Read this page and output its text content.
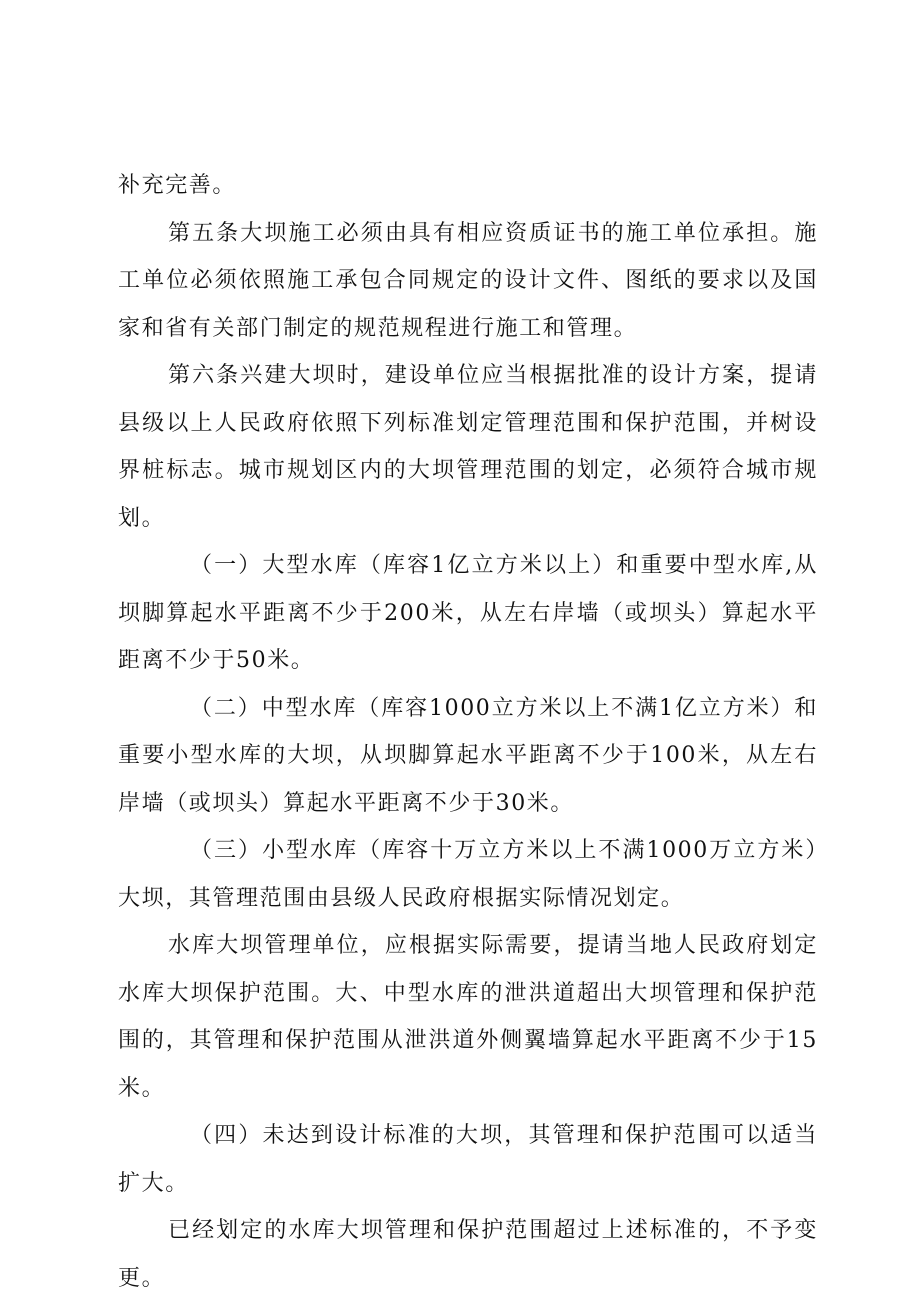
补充完善。

第五条大坝施工必须由具有相应资质证书的施工单位承担。施工单位必须依照施工承包合同规定的设计文件、图纸的要求以及国家和省有关部门制定的规范规程进行施工和管理。

第六条兴建大坝时，建设单位应当根据批准的设计方案，提请县级以上人民政府依照下列标准划定管理范围和保护范围，并树设界桩标志。城市规划区内的大坝管理范围的划定，必须符合城市规划。

（一）大型水库（库容1亿立方米以上）和重要中型水库,从坝脚算起水平距离不少于200米，从左右岸墙（或坝头）算起水平距离不少于50米。

（二）中型水库（库容1000立方米以上不满1亿立方米）和重要小型水库的大坝，从坝脚算起水平距离不少于100米，从左右岸墙（或坝头）算起水平距离不少于30米。

（三）小型水库（库容十万立方米以上不满1000万立方米）大坝，其管理范围由县级人民政府根据实际情况划定。

水库大坝管理单位，应根据实际需要，提请当地人民政府划定水库大坝保护范围。大、中型水库的泄洪道超出大坝管理和保护范围的，其管理和保护范围从泄洪道外侧翼墙算起水平距离不少于15米。

（四）未达到设计标准的大坝，其管理和保护范围可以适当扩大。

已经划定的水库大坝管理和保护范围超过上述标准的，不予变更。
